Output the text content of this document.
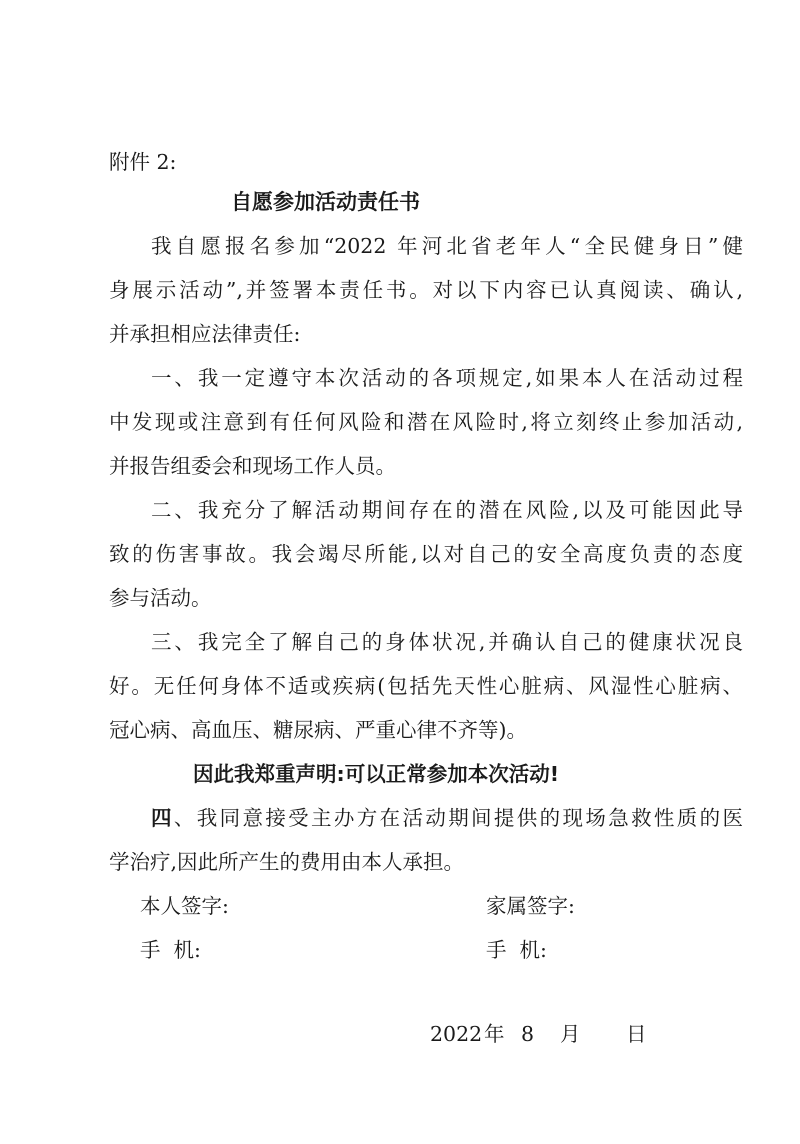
附件 2:
自愿参加活动责任书
我自愿报名参加“2022 年河北省老年人“全民健身日”健
身展示活动”,并签署本责任书。对以下内容已认真阅读、确认,
并承担相应法律责任:
一、我一定遵守本次活动的各项规定,如果本人在活动过程
中发现或注意到有任何风险和潜在风险时,将立刻终止参加活动,
并报告组委会和现场工作人员。
二、我充分了解活动期间存在的潜在风险,以及可能因此导
致的伤害事故。我会竭尽所能,以对自己的安全高度负责的态度
参与活动。
三、我完全了解自己的身体状况,并确认自己的健康状况良
好。无任何身体不适或疾病(包括先天性心脏病、风湿性心脏病、
冠心病、高血压、糖尿病、严重心律不齐等)。
因此我郑重声明:可以正常参加本次活动!
四、我同意接受主办方在活动期间提供的现场急救性质的医
学治疗,因此所产生的费用由本人承担。
本人签字:	家属签字:
手  机:	手  机:
2022 年 8 月 日
